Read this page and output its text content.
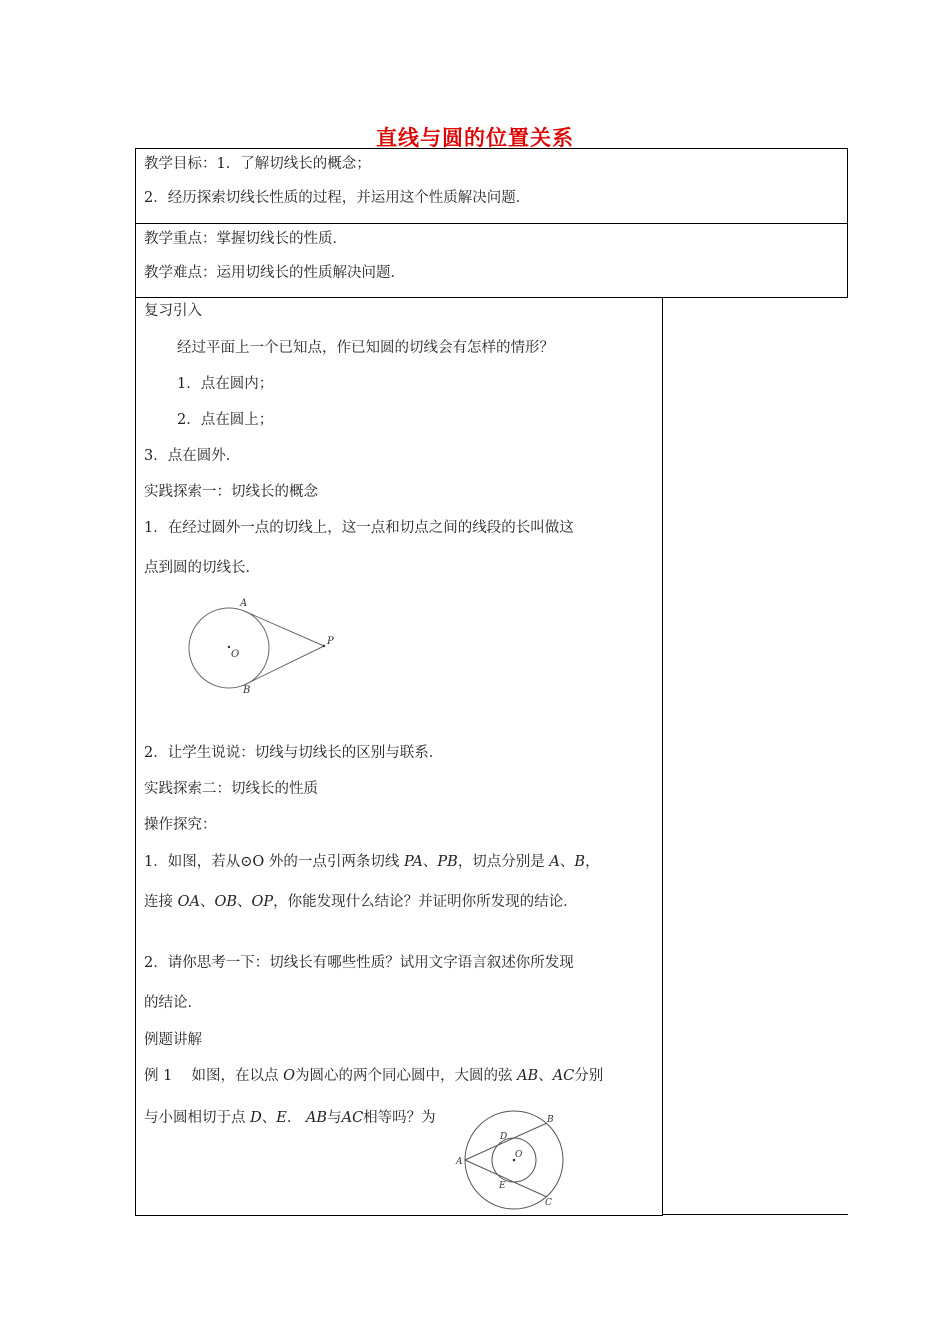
直线与圆的位置关系
教学目标：1．了解切线长的概念；
2．经历探索切线长性质的过程，并运用这个性质解决问题．
教学重点：掌握切线长的性质．
教学难点：运用切线长的性质解决问题．
复习引入
经过平面上一个已知点，作已知圆的切线会有怎样的情形？
1．点在圆内；
2．点在圆上；
3．点在圆外．
实践探索一：切线长的概念
1．在经过圆外一点的切线上，这一点和切点之间的线段的长叫做这
点到圆的切线长．
A
O
P
B
2．让学生说说：切线与切线长的区别与联系．
实践探索二：切线长的性质
操作探究：
1．如图，若从⊙O 外的一点引两条切线 PA、PB，切点分别是 A、B，
连接 OA、OB、OP，你能发现什么结论？并证明你所发现的结论．
2．请你思考一下：切线长有哪些性质？试用文字语言叙述你所发现
的结论．
例题讲解
例 1　 如图，在以点 O为圆心的两个同心圆中，大圆的弦 AB、AC分别
与小圆相切于点 D、E． AB与AC相等吗？为	B
D
O
A
E
C
